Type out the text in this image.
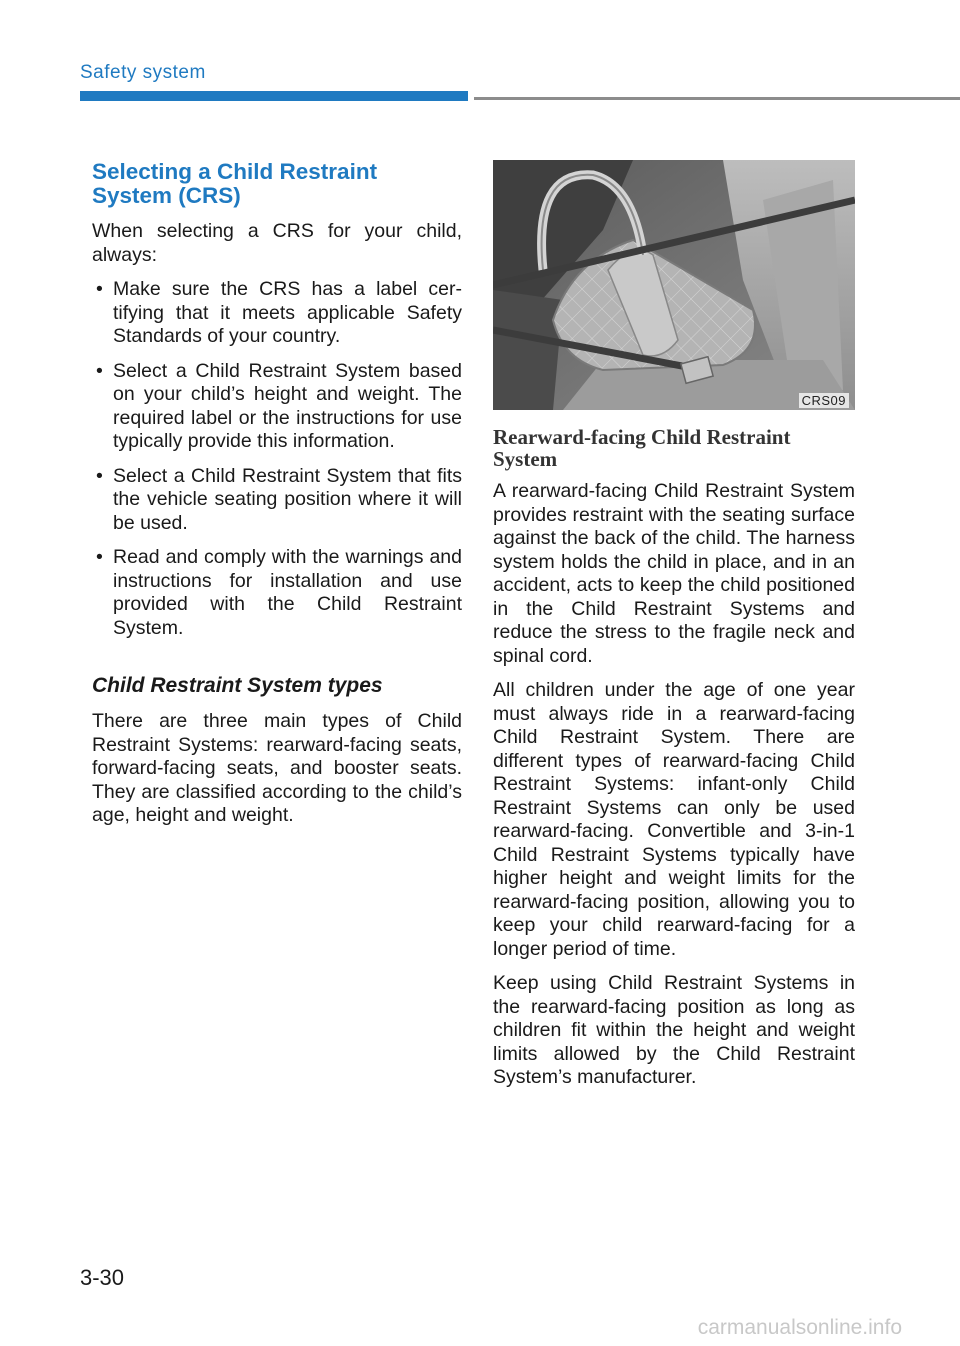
Safety system
Selecting a Child Restraint System (CRS)

When selecting a CRS for your child, always:

• Make sure the CRS has a label cer-tifying that it meets applicable Safety Standards of your country.
• Select a Child Restraint System based on your child’s height and weight. The required label or the instructions for use typically provide this information.
• Select a Child Restraint System that fits the vehicle seating position where it will be used.
• Read and comply with the warnings and instructions for installation and use provided with the Child Restraint System.
Child Restraint System types

There are three main types of Child Restraint Systems: rearward-facing seats, forward-facing seats, and booster seats. They are classified according to the child’s age, height and weight.

CRS09
Rearward-facing Child Restraint System

A rearward-facing Child Restraint System provides restraint with the seating surface against the back of the child. The harness system holds the child in place, and in an accident, acts to keep the child positioned in the Child Restraint Systems and reduce the stress to the fragile neck and spinal cord.

All children under the age of one year must always ride in a rearward-facing Child Restraint System. There are different types of rearward-facing Child Restraint Systems: infant-only Child Restraint Systems can only be used rearward-facing. Convertible and 3-in-1 Child Restraint Systems typically have higher height and weight limits for the rearward-facing position, allowing you to keep your child rearward-facing for a longer period of time.

Keep using Child Restraint Systems in the rearward-facing position as long as children fit within the height and weight limits allowed by the Child Restraint System’s manufacturer.

3-30
carmanualsonline.info
